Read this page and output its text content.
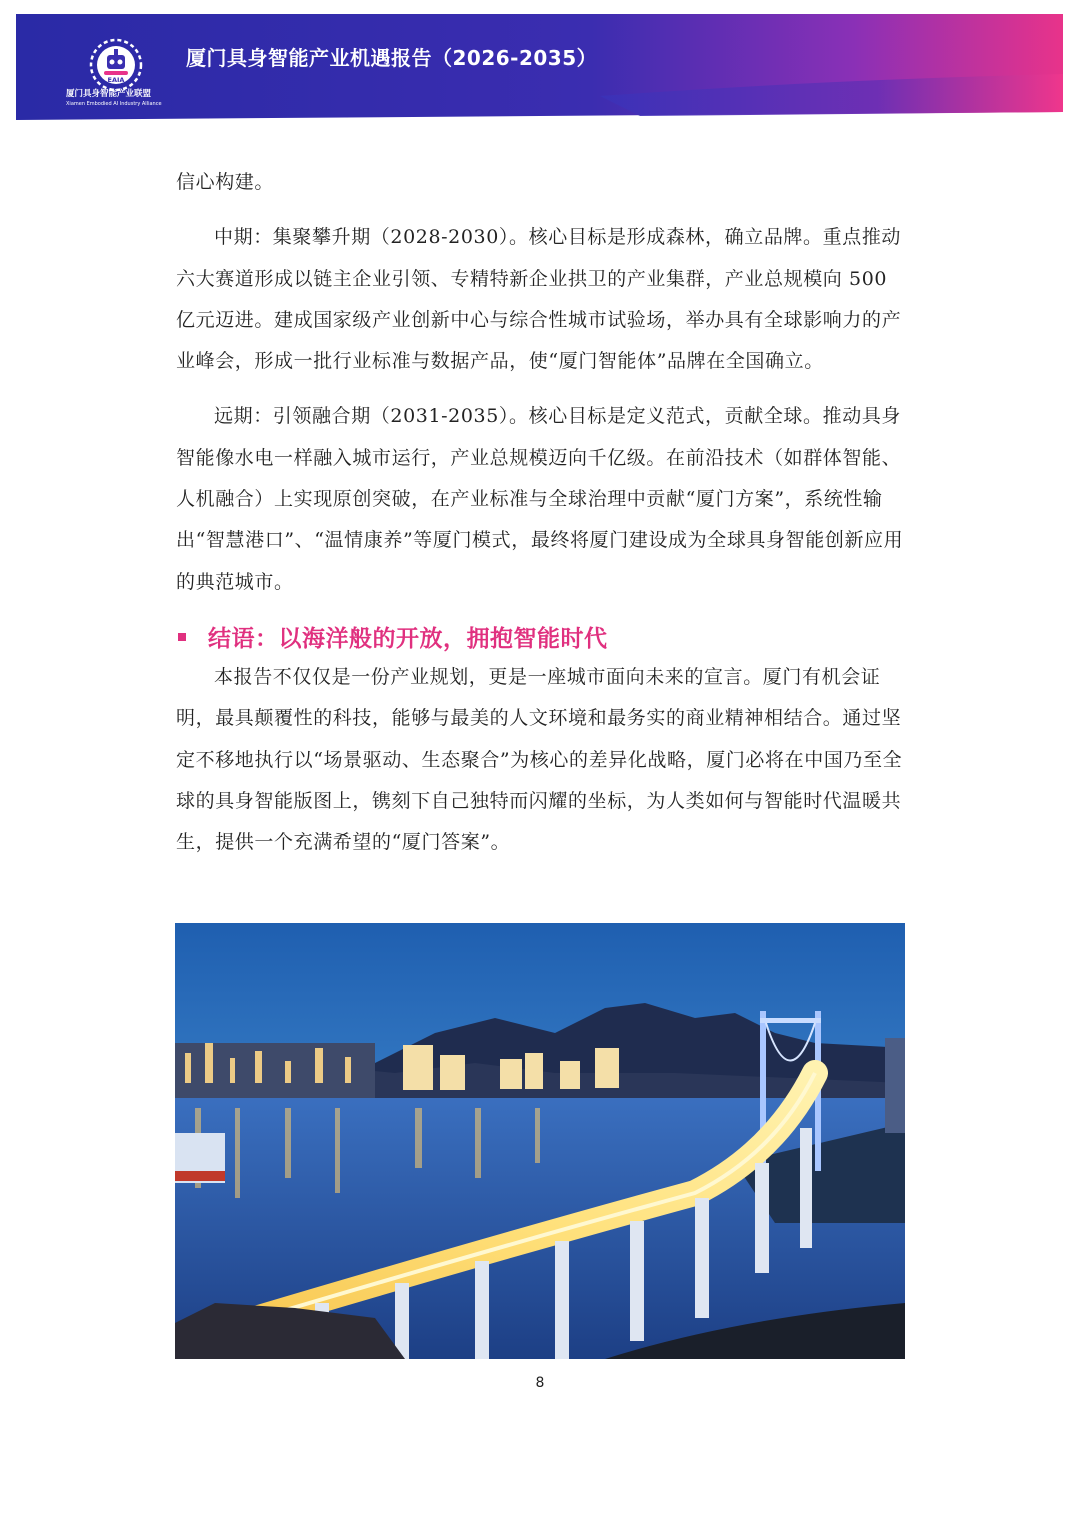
EAIA
厦门具身智能产业联盟
Xiamen Embodied AI Industry Alliance
厦门具身智能产业机遇报告（2026-2035）

信心构建。

中期：集聚攀升期（2028-2030）。核心目标是形成森林，确立品牌。重点推动六大赛道形成以链主企业引领、专精特新企业拱卫的产业集群，产业总规模向 500 亿元迈进。建成国家级产业创新中心与综合性城市试验场，举办具有全球影响力的产业峰会，形成一批行业标准与数据产品，使“厦门智能体”品牌在全国确立。

远期：引领融合期（2031-2035）。核心目标是定义范式，贡献全球。推动具身智能像水电一样融入城市运行，产业总规模迈向千亿级。在前沿技术（如群体智能、人机融合）上实现原创突破，在产业标准与全球治理中贡献“厦门方案”，系统性输出“智慧港口”、“温情康养”等厦门模式，最终将厦门建设成为全球具身智能创新应用的典范城市。

结语：以海洋般的开放，拥抱智能时代

本报告不仅仅是一份产业规划，更是一座城市面向未来的宣言。厦门有机会证明，最具颠覆性的科技，能够与最美的人文环境和最务实的商业精神相结合。通过坚定不移地执行以“场景驱动、生态聚合”为核心的差异化战略，厦门必将在中国乃至全球的具身智能版图上，镌刻下自己独特而闪耀的坐标，为人类如何与智能时代温暖共生，提供一个充满希望的“厦门答案”。

8
